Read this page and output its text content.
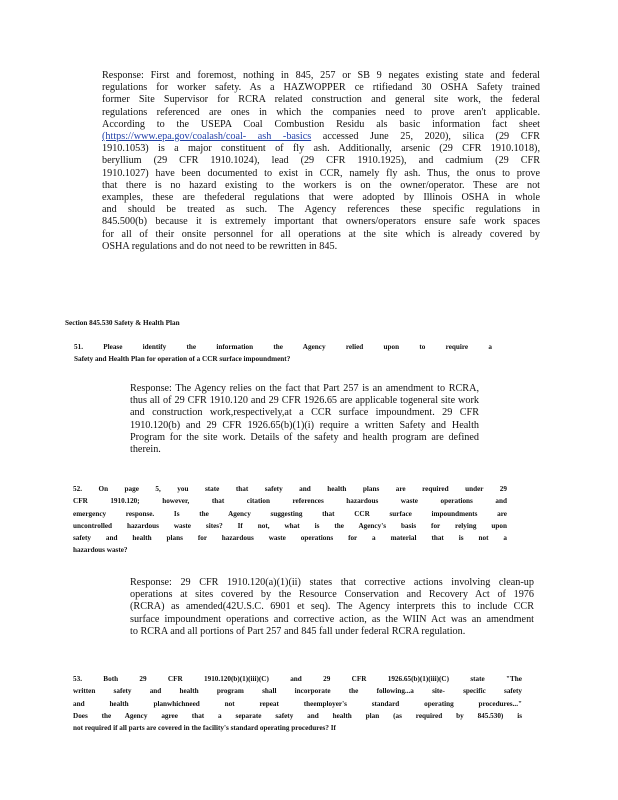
Response: First and foremost, nothing in 845, 257 or SB 9 negates existing state and federal
regulations for worker safety. As a HAZWOPPER ce rtifiedand 30 OSHA Safety trained
former Site Supervisor for RCRA related construction and general site work, the federal
regulations referenced are ones in which the companies need to prove aren't applicable.
According to the USEPA Coal Combustion Residu als basic information fact sheet
(https://www.epa.gov/coalash/coal- ash -basics accessed June 25, 2020), silica (29 CFR
1910.1053) is a major constituent of fly ash. Additionally, arsenic (29 CFR 1910.1018),
beryllium (29 CFR 1910.1024), lead (29 CFR 1910.1925), and cadmium (29 CFR
1910.1027) have been documented to exist in CCR, namely fly ash. Thus, the onus to prove
that there is no hazard existing to the workers is on the owner/operator. These are not
examples, these are thefederal regulations that were adopted by Illinois OSHA in whole
and should be treated as such. The Agency references these specific regulations in
845.500(b) because it is extremely important that owners/operators ensure safe work spaces
for all of their onsite personnel for all operations at the site which is already covered by
OSHA regulations and do not need to be rewritten in 845.
Section 845.530 Safety & Health Plan
51. Please identify the information the Agency relied upon to require a
Safety and Health Plan for operation of a CCR surface impoundment?
Response: The Agency relies on the fact that Part 257 is an amendment to RCRA,
thus all of 29 CFR 1910.120 and 29 CFR 1926.65 are applicable togeneral site work
and construction work,respectively,at a CCR surface impoundment. 29 CFR
1910.120(b) and 29 CFR 1926.65(b)(1)(i) require a written Safety and Health
Program for the site work. Details of the safety and health program are defined
therein.
52. On page 5, you state that safety and health plans are required under 29
CFR 1910.120; however, that citation references hazardous waste operations and
emergency response. Is the Agency suggesting that CCR surface impoundments are
uncontrolled hazardous waste sites? If not, what is the Agency's basis for relying upon
safety and health plans for hazardous waste operations for a material that is not a
hazardous waste?
Response: 29 CFR 1910.120(a)(1)(ii) states that corrective actions involving clean-up
operations at sites covered by the Resource Conservation and Recovery Act of 1976
(RCRA) as amended(42U.S.C. 6901 et seq). The Agency interprets this to include CCR
surface impoundment operations and corrective action, as the WIIN Act was an amendment
to RCRA and all portions of Part 257 and 845 fall under federal RCRA regulation.
53. Both 29 CFR 1910.120(b)(1)(iii)(C) and 29 CFR 1926.65(b)(1)(iii)(C) state "The
written safety and health program shall incorporate the following...a site- specific safety
and health planwhichneed not repeat theemployer's standard operating procedures..."
Does the Agency agree that a separate safety and health plan (as required by 845.530) is
not required if all parts are covered in the facility's standard operating procedures? If
